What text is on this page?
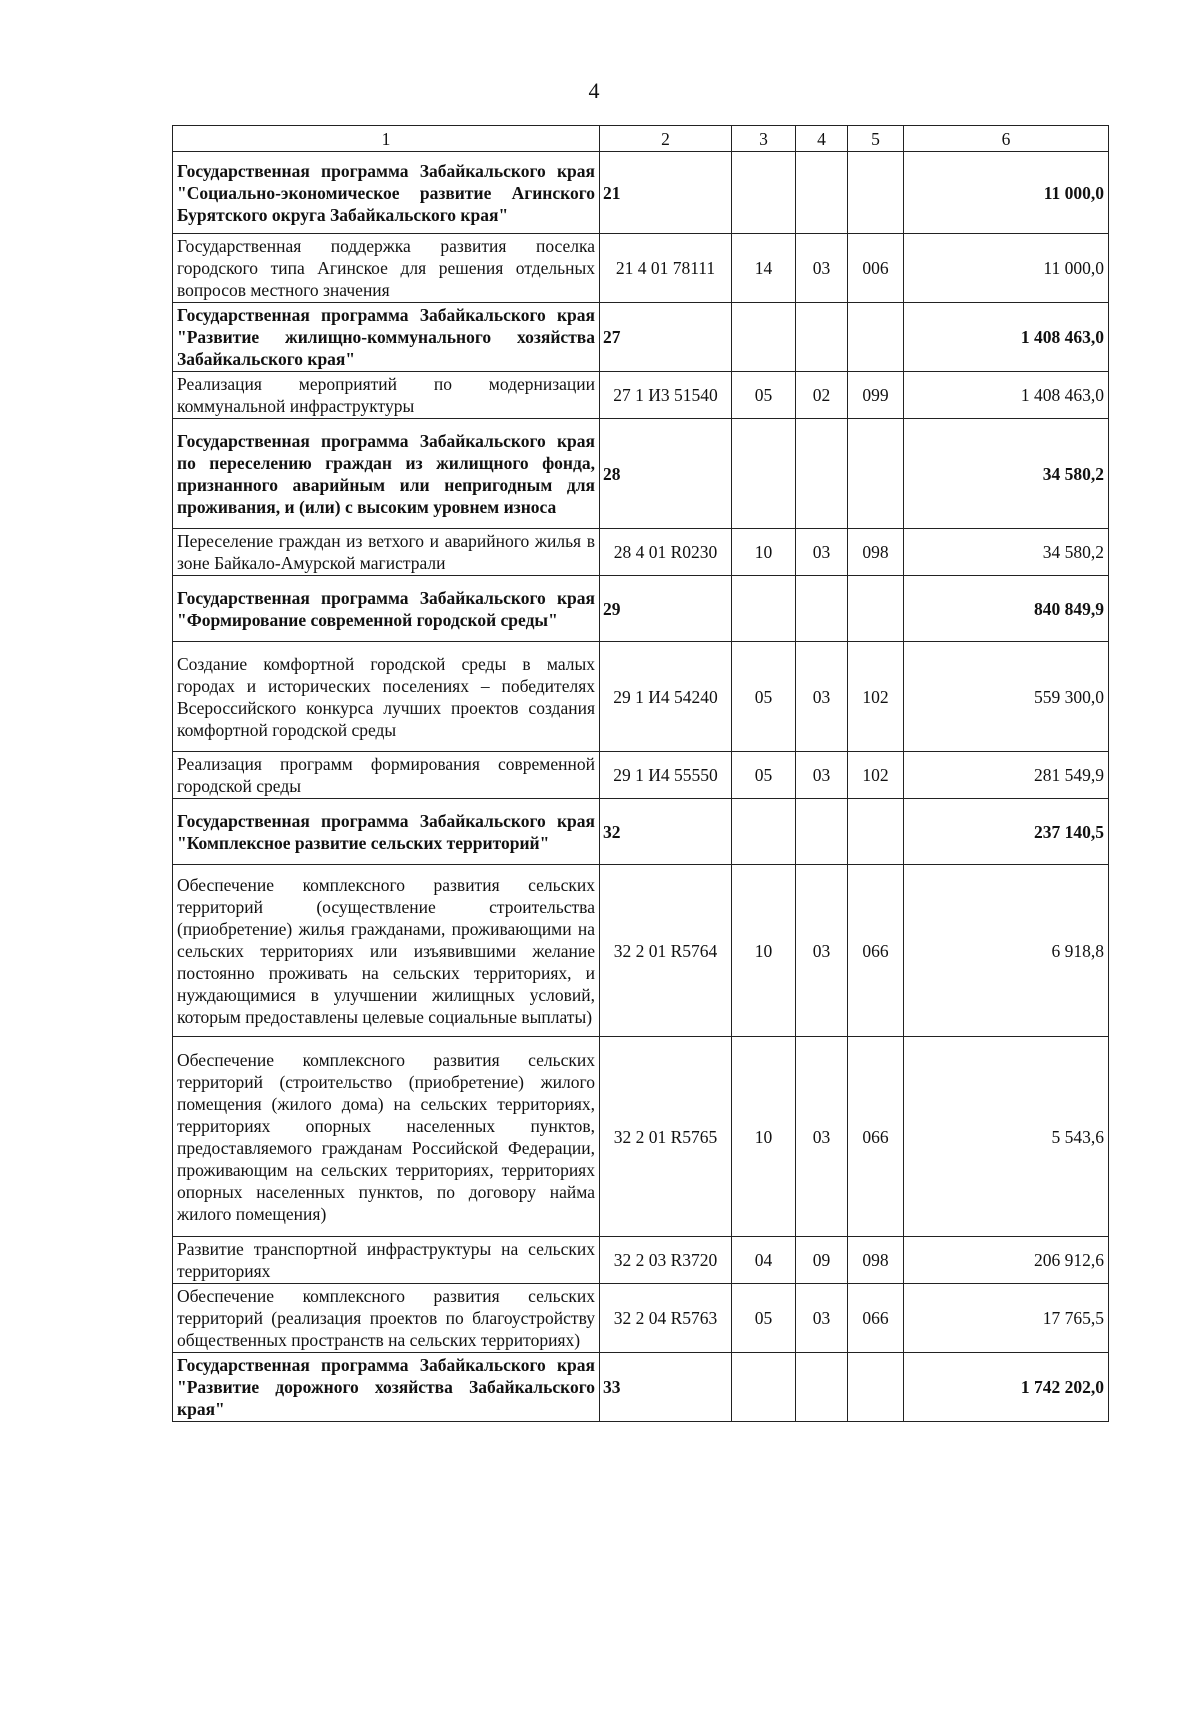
4
1	2	3	4	5	6
Государственная программа Забайкальского края "Социально-экономическое развитие Агинского Бурятского округа Забайкальского края"	21				11 000,0
Государственная поддержка развития поселка городского типа Агинское для решения отдельных вопросов местного значения	21 4 01 78111	14	03	006	11 000,0
Государственная программа Забайкальского края "Развитие жилищно-коммунального хозяйства Забайкальского края"	27				1 408 463,0
Реализация мероприятий по модернизации коммунальной инфраструктуры	27 1 И3 51540	05	02	099	1 408 463,0
Государственная программа Забайкальского края по переселению граждан из жилищного фонда, признанного аварийным или непригодным для проживания, и (или) с высоким уровнем износа	28				34 580,2
Переселение граждан из ветхого и аварийного жилья в зоне Байкало-Амурской магистрали	28 4 01 R0230	10	03	098	34 580,2
Государственная программа Забайкальского края "Формирование современной городской среды"	29				840 849,9
Создание комфортной городской среды в малых городах и исторических поселениях – победителях Всероссийского конкурса лучших проектов создания комфортной городской среды	29 1 И4 54240	05	03	102	559 300,0
Реализация программ формирования современной городской среды	29 1 И4 55550	05	03	102	281 549,9
Государственная программа Забайкальского края "Комплексное развитие сельских территорий"	32				237 140,5
Обеспечение комплексного развития сельских территорий (осуществление строительства (приобретение) жилья гражданами, проживающими на сельских территориях или изъявившими желание постоянно проживать на сельских территориях, и нуждающимися в улучшении жилищных условий, которым предоставлены целевые социальные выплаты)	32 2 01 R5764	10	03	066	6 918,8
Обеспечение комплексного развития сельских территорий (строительство (приобретение) жилого помещения (жилого дома) на сельских территориях, территориях опорных населенных пунктов, предоставляемого гражданам Российской Федерации, проживающим на сельских территориях, территориях опорных населенных пунктов, по договору найма жилого помещения)	32 2 01 R5765	10	03	066	5 543,6
Развитие транспортной инфраструктуры на сельских территориях	32 2 03 R3720	04	09	098	206 912,6
Обеспечение комплексного развития сельских территорий (реализация проектов по благоустройству общественных пространств на сельских территориях)	32 2 04 R5763	05	03	066	17 765,5
Государственная программа Забайкальского края "Развитие дорожного хозяйства Забайкальского края"	33				1 742 202,0
